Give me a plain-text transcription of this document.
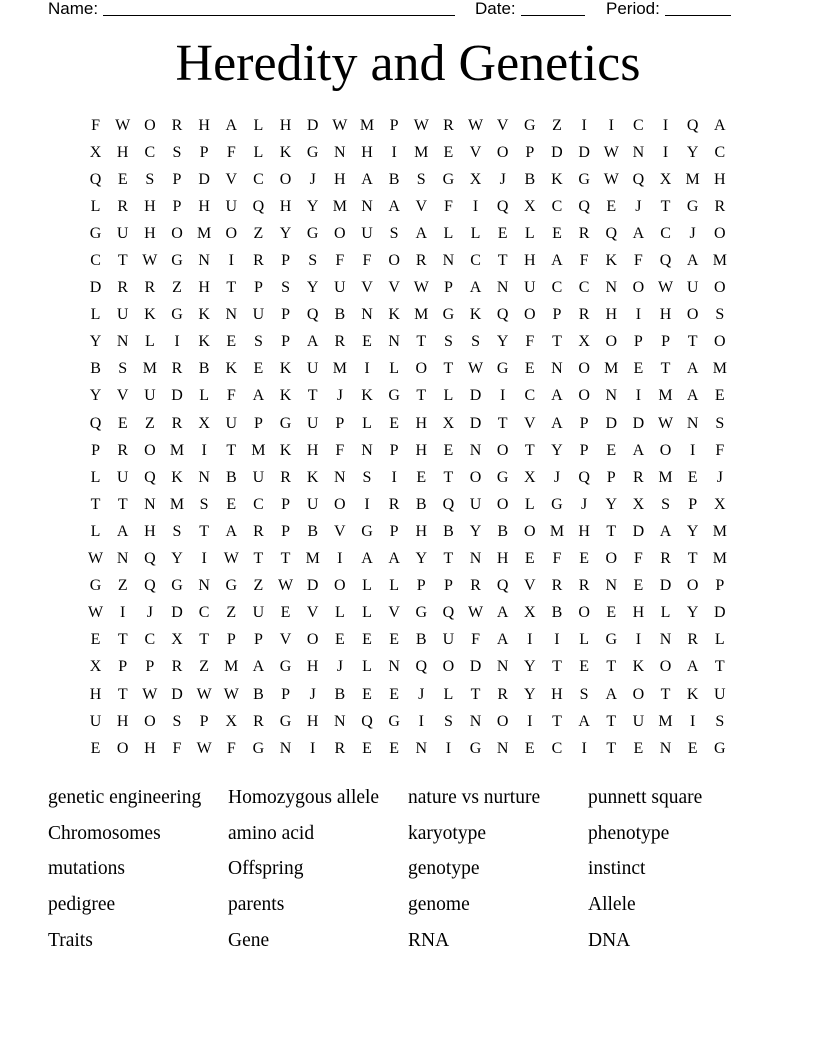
Name:	Date:	Period:
Heredity and Genetics
F W O	R	H A	L	H D W M P W R W V G	Z	I	I	C	I	Q A
X H	C	S	P	F	L	K G N H	I	M E	V O	P	D D W N	I	Y	C
Q	E	S	P	D V	C	O	J	H A	B	S	G X	J	B	K G W Q X M H
L	R	H	P	H U Q H Y M N A V	F	I	Q X	C	Q	E	J	T	G	R
G U H O M O	Z	Y G O U	S	A	L	L	E	L	E	R	Q A	C	J	O
C	T W G N	I	R	P	S	F	F	O	R	N	C	T	H A	F	K	F	Q A M
D	R	R	Z	H	T	P	S	Y U V V W P	A N U	C	C	N O W U O
L	U K G K N U	P	Q	B	N K M G K Q O	P	R	H	I	H O	S
Y N	L	I	K	E	S	P	A	R	E	N	T	S	S	Y	F	T	X O	P	P	T	O
B	S M R	B	K	E	K U M	I	L	O	T W G	E	N O M E	T	A M
Y V U D	L	F	A K	T	J	K G	T	L	D	I	C	A O N	I	M A	E
Q	E	Z	R	X U	P	G U	P	L	E	H X D	T	V A	P	D D W N	S
P	R	O M	I	T M K H	F	N	P	H	E	N O	T	Y	P	E	A O	I	F
L	U Q K N	B	U	R	K N	S	I	E	T	O G X	J	Q	P	R M E	J
T	T	N M S	E	C	P	U O	I	R	B	Q U O	L	G	J	Y X	S	P	X
L	A H	S	T	A	R	P	B	V G	P	H	B	Y	B	O M H	T	D A Y M
W N Q Y	I	W T	T M	I	A A Y	T	N H	E	F	E	O	F	R	T M
G	Z	Q G N G	Z W D O	L	L	P	P	R	Q V	R	R	N	E	D O	P
W	I	J	D	C	Z	U	E	V	L	L	V G Q W A X	B	O	E	H	L	Y D
E	T	C	X	T	P	P	V O	E	E	E	B	U	F	A	I	I	L	G	I	N	R	L
X	P	P	R	Z M A G H	J	L	N Q O D N Y	T	E	T	K O A	T
H	T W D W W B	P	J	B	E	E	J	L	T	R	Y H	S	A O	T	K U
U H O	S	P	X	R	G H N Q G	I	S	N O	I	T	A	T	U M	I	S
E	O H	F W F	G N	I	R	E	E	N	I	G N	E	C	I	T	E	N	E	G
genetic engineering	Homozygous allele	nature vs nurture	punnett square
Chromosomes	amino acid	karyotype	phenotype
mutations	Offspring	genotype	instinct
pedigree	parents	genome	Allele
Traits	Gene	RNA	DNA
